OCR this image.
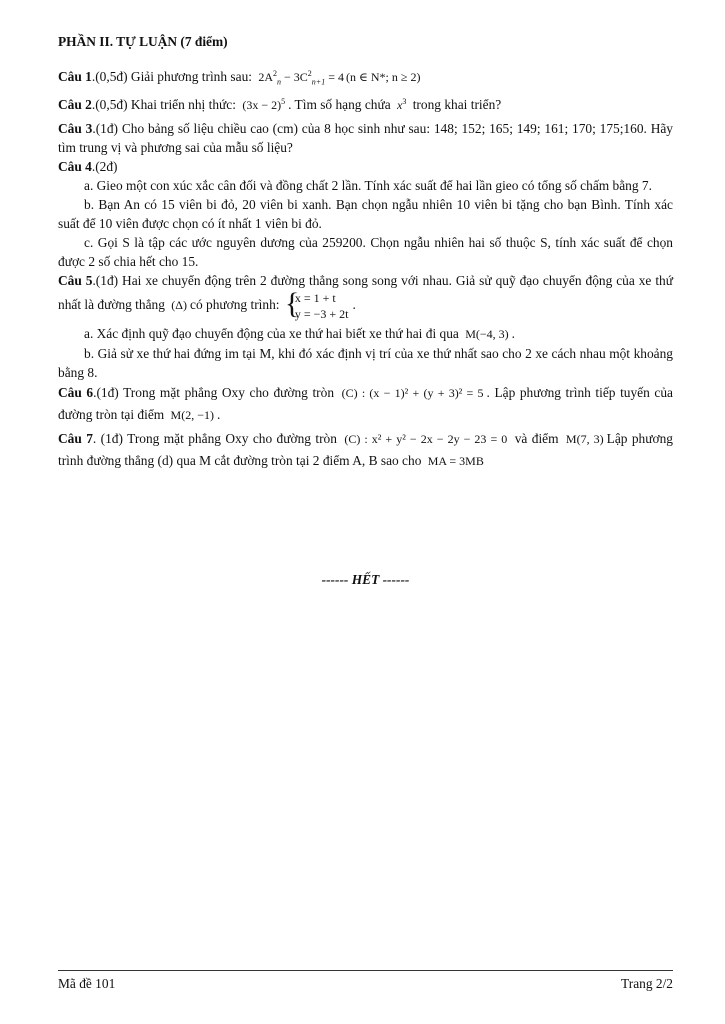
PHẦN II. TỰ LUẬN (7 điểm)

Câu 1.(0,5đ) Giải phương trình sau: $2A^2_n - 3C^2_{n+1} = 4$ (n ∈ N*; n ≥ 2)

Câu 2.(0,5đ) Khai triển nhị thức: $(3x - 2)^5$ . Tìm số hạng chứa $x^3$ trong khai triển?

Câu 3.(1đ) Cho bảng số liệu chiều cao (cm) của 8 học sinh như sau: 148; 152; 165; 149; 161; 170; 175;160. Hãy tìm trung vị và phương sai của mẫu số liệu?

Câu 4.(2đ)

a. Gieo một con xúc xắc cân đối và đồng chất 2 lần. Tính xác suất để hai lần gieo có tổng số chấm bằng 7.

b. Bạn An có 15 viên bi đỏ, 20 viên bi xanh. Bạn chọn ngẫu nhiên 10 viên bi tặng cho bạn Bình. Tính xác suất để 10 viên được chọn có ít nhất 1 viên bi đỏ.

c. Gọi S là tập các ước nguyên dương của 259200. Chọn ngẫu nhiên hai số thuộc S, tính xác suất để chọn được 2 số chia hết cho 15.

Câu 5.(1đ) Hai xe chuyển động trên 2 đường thẳng song song với nhau. Giả sử quỹ đạo chuyển động của xe thứ nhất là đường thẳng (Δ) có phương trình:
{ x = 1 + t
y = −3 + 2t
.

a. Xác định quỹ đạo chuyển động của xe thứ hai biết xe thứ hai đi qua M(−4, 3) .

b. Giả sử xe thứ hai đứng im tại M, khi đó xác định vị trí của xe thứ nhất sao cho 2 xe cách nhau một khoảng bằng 8.

Câu 6.(1đ) Trong mặt phẳng Oxy cho đường tròn (C) : (x − 1)² + (y + 3)² = 5 . Lập phương trình tiếp tuyến của đường tròn tại điểm M(2, −1) .

Câu 7. (1đ) Trong mặt phẳng Oxy cho đường tròn (C) : x² + y² − 2x − 2y − 23 = 0 và điểm M(7, 3) Lập phương trình đường thẳng (d) qua M cắt đường tròn tại 2 điểm A, B sao cho MA = 3MB

------ HẾT ------
Mã đề 101	Trang 2/2
